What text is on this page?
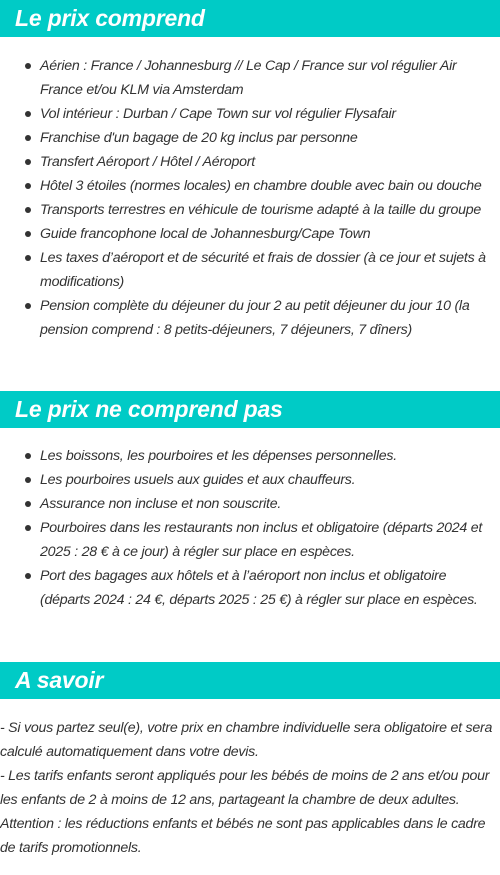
Le prix comprend
Aérien : France / Johannesburg // Le Cap / France sur vol régulier Air France et/ou KLM via Amsterdam
Vol intérieur : Durban / Cape Town sur vol régulier Flysafair
Franchise d'un bagage de 20 kg inclus par personne
Transfert Aéroport / Hôtel / Aéroport
Hôtel 3 étoiles (normes locales) en chambre double avec bain ou douche
Transports terrestres en véhicule de tourisme adapté à la taille du groupe
Guide francophone local de Johannesburg/Cape Town
Les taxes d’aéroport et de sécurité et frais de dossier (à ce jour et sujets à modifications)
Pension complète du déjeuner du jour 2 au petit déjeuner du jour 10 (la pension comprend : 8 petits-déjeuners, 7 déjeuners, 7 dîners)
Le prix ne comprend pas
Les boissons, les pourboires et les dépenses personnelles.
Les pourboires usuels aux guides et aux chauffeurs.
Assurance non incluse et non souscrite.
Pourboires dans les restaurants non inclus et obligatoire (départs 2024 et 2025 : 28 € à ce jour) à régler sur place en espèces.
Port des bagages aux hôtels et à l’aéroport non inclus et obligatoire (départs 2024 : 24 €, départs 2025 : 25 €) à régler sur place en espèces.
A savoir

- Si vous partez seul(e), votre prix en chambre individuelle sera obligatoire et sera calculé automatiquement dans votre devis.

- Les tarifs enfants seront appliqués pour les bébés de moins de 2 ans et/ou pour les enfants de 2 à moins de 12 ans, partageant la chambre de deux adultes.

Attention : les réductions enfants et bébés ne sont pas applicables dans le cadre de tarifs promotionnels.
